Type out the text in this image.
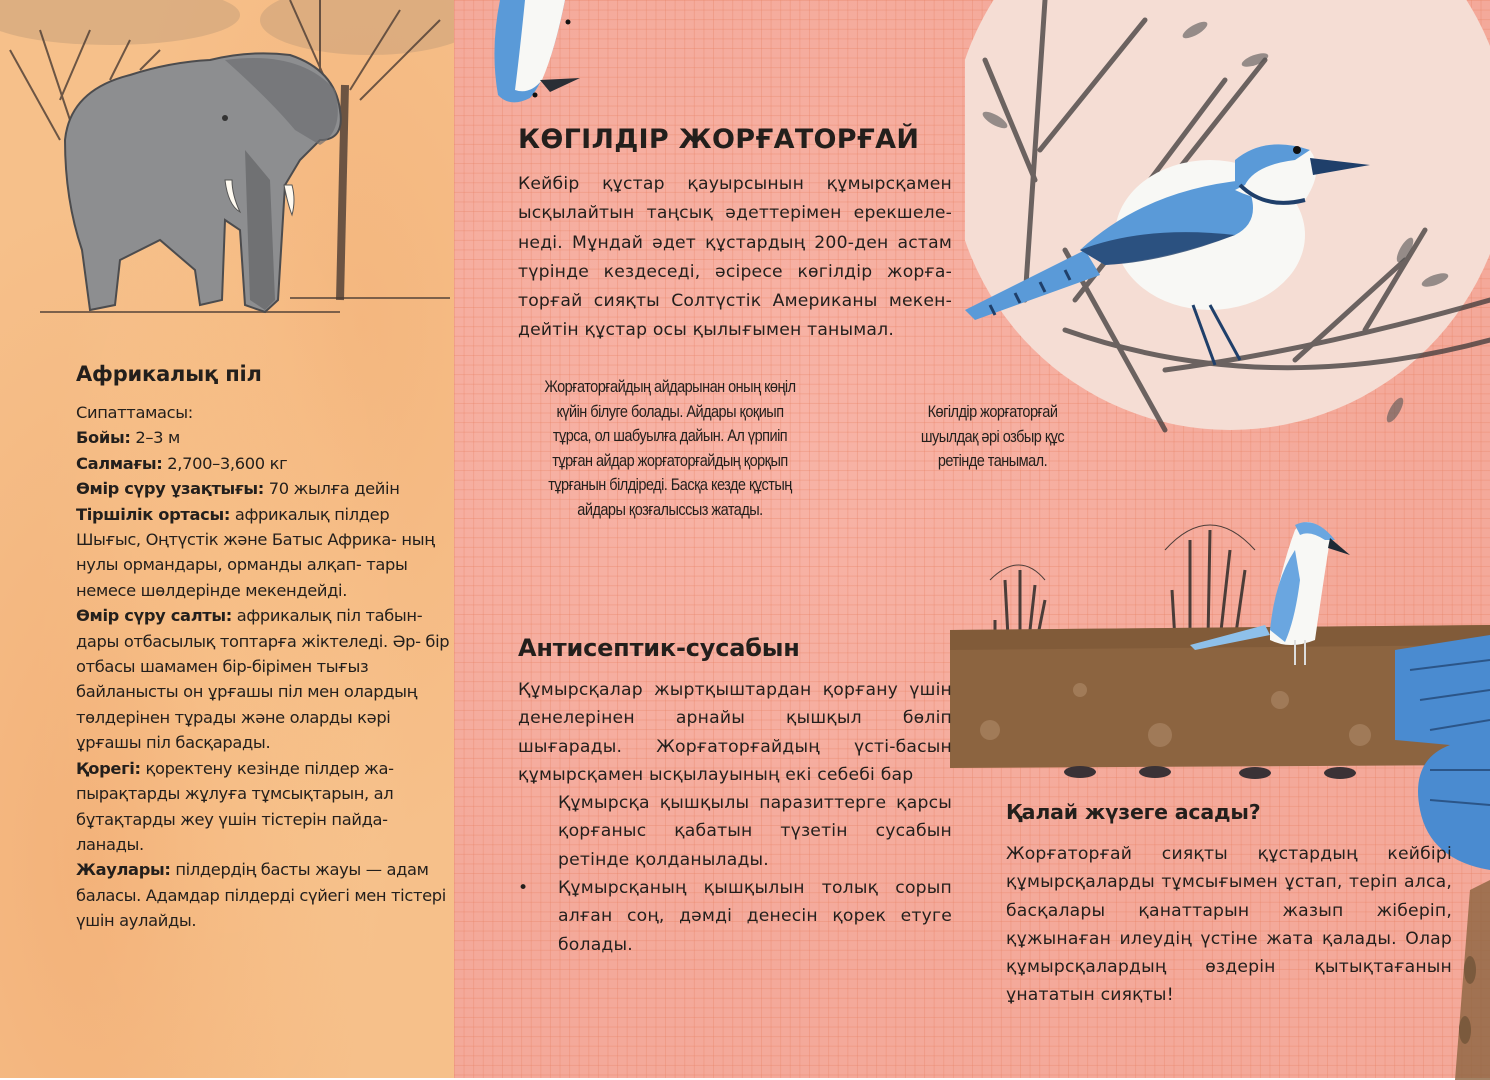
Африкалық піл

Сипаттамасы:

Бойы: 2–3 м

Салмағы: 2,700–3,600 кг

Өмір сүру ұзақтығы: 70 жылға дейін

Тіршілік ортасы: африкалық пілдер Шығыс, Оңтүстік және Батыс Африка- ның нулы ормандары, орманды алқап- тары немесе шөлдерінде мекендейді.

Өмір сүру салты: африкалық піл табын- дары отбасылық топтарға жіктеледі. Әр- бір отбасы шамамен бір-бірімен тығыз байланысты он ұрғашы піл мен олардың төлдерінен тұрады және оларды кәрі ұрғашы піл басқарады.

Қорегі: қоректену кезінде пілдер жа- пырақтарды жұлуға тұмсықтарын, ал бұтақтарды жеу үшін тістерін пайда- ланады.

Жаулары: пілдердің басты жауы — адам баласы. Адамдар пілдерді сүйегі мен тістері үшін аулайды.

КӨГІЛДІР ЖОРҒАТОРҒАЙ

Кейбір құстар қауырсынын құмырсқамен ысқылайтын таңсық әдеттерімен ерекшеле- неді. Мұндай әдет құстардың 200-ден астам түрінде кездеседі, әсіресе көгілдір жорға- торғай сияқты Солтүстік Американы мекен- дейтін құстар осы қылығымен танымал.

Жорғаторғайдың айдарынан оның көңіл күйін білуге болады. Айдары қоқиып тұрса, ол шабуылға дайын. Ал үрпиіп тұрған айдар жорғаторғайдың қорқып тұрғанын білдіреді. Басқа кезде құстың айдары қозғалыссыз жатады.

Көгілдір жорғаторғай шуылдақ әрі озбыр құс ретінде танымал.

Антисептик-сусабын

Құмырсқалар жыртқыштардан қорғану үшін денелерінен арнайы қышқыл бөліп шығарады. Жорғаторғайдың үсті-басын құмырсқамен ысқылауының екі себебі бар

Құмырсқа қышқылы паразиттерге қарсы қорғаныс қабатын түзетін сусабын ретінде қолданылады.
•	Құмырсқаның қышқылын толық сорып алған соң, дәмді денесін қорек етуге болады.
Қалай жүзеге асады?

Жорғаторғай сияқты құстардың кейбірі құмырсқаларды тұмсығымен ұстап, теріп алса, басқалары қанаттарын жазып жіберіп, құжынаған илеудің үстіне жата қалады. Олар құмырсқалардың өздерін қытықтағанын ұнататын сияқты!
